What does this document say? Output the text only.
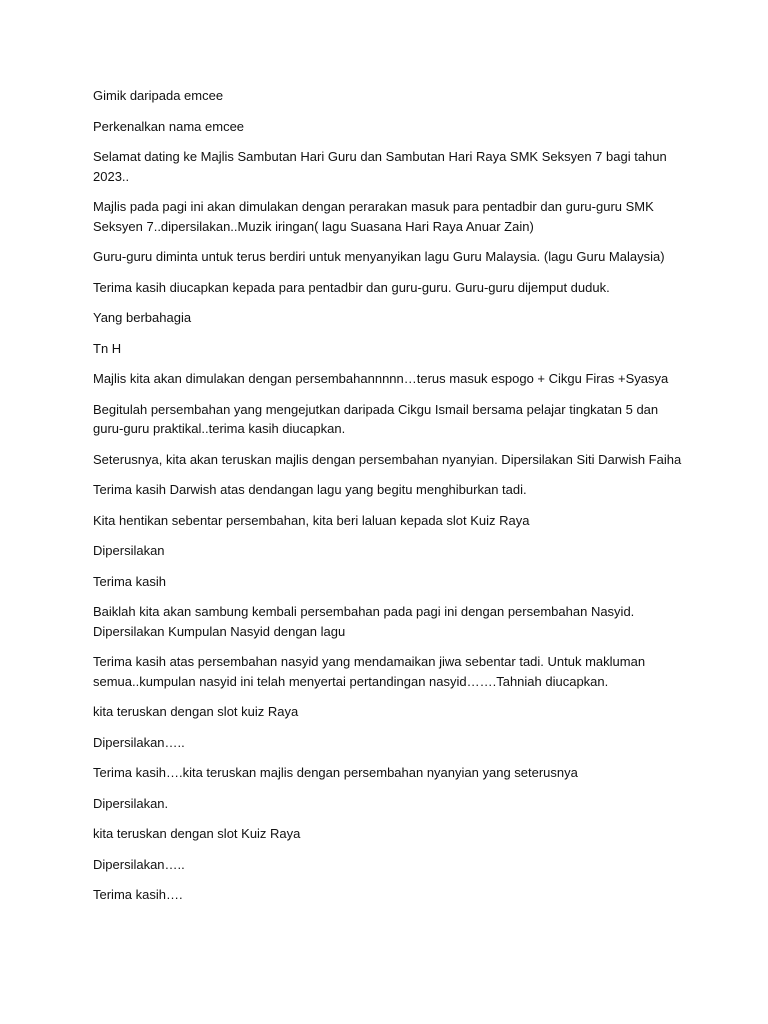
Gimik daripada emcee

Perkenalkan nama emcee

Selamat dating ke Majlis Sambutan Hari Guru dan Sambutan Hari Raya SMK Seksyen 7 bagi tahun 2023..

Majlis pada pagi ini akan dimulakan dengan perarakan masuk para pentadbir dan guru-guru SMK Seksyen 7..dipersilakan..Muzik iringan( lagu Suasana Hari Raya Anuar Zain)

Guru-guru diminta untuk terus berdiri untuk menyanyikan lagu Guru Malaysia. (lagu Guru Malaysia)

Terima kasih diucapkan kepada para pentadbir dan guru-guru. Guru-guru dijemput duduk.

Yang berbahagia

Tn H

Majlis kita akan dimulakan dengan persembahannnnn…terus masuk espogo + Cikgu Firas +Syasya

Begitulah persembahan yang mengejutkan daripada Cikgu Ismail bersama pelajar tingkatan 5 dan guru-guru praktikal..terima kasih diucapkan.

Seterusnya, kita akan teruskan majlis dengan persembahan nyanyian. Dipersilakan Siti Darwish Faiha

Terima kasih Darwish atas dendangan lagu yang begitu menghiburkan tadi.

Kita hentikan sebentar persembahan, kita beri laluan kepada slot Kuiz Raya

Dipersilakan

Terima kasih

Baiklah kita akan sambung kembali persembahan pada pagi ini dengan persembahan Nasyid. Dipersilakan Kumpulan Nasyid dengan lagu

Terima kasih atas persembahan nasyid yang mendamaikan jiwa sebentar tadi. Untuk makluman semua..kumpulan nasyid ini telah menyertai pertandingan nasyid…….Tahniah diucapkan.

kita teruskan dengan slot kuiz Raya

Dipersilakan…..

Terima kasih….kita teruskan majlis dengan persembahan nyanyian yang seterusnya

Dipersilakan.

kita teruskan dengan slot Kuiz Raya

Dipersilakan…..

Terima kasih….
